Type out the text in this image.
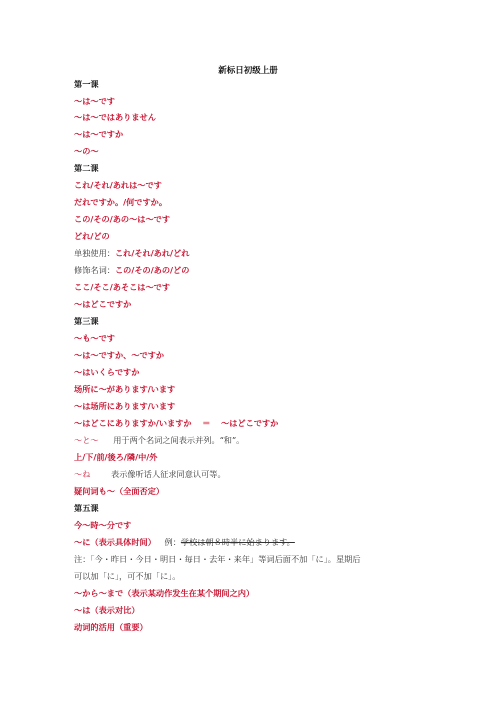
新标日初级上册
第一课
～は～です
～は～ではありません
～は～ですか
～の～
第二课
これ/それ/あれは～です
だれですか。/何ですか。
この/その/あの～は～です
どれ/どの
单独使用：これ/それ/あれ/どれ
修饰名词：この/その/あの/どの
ここ/そこ/あそこは～です
～はどこですか
第三课
～も～です
～は～ですか、～ですか
～はいくらですか
场所に～があります/います
～は场所にあります/います
～はどこにありますか/いますか ＝ ～はどこですか
～と～ 用于两个名词之间表示并列。“和”。
上/下/前/後ろ/隣/中/外
～ね	表示像听话人征求同意认可等。
疑问词も～（全面否定）
第五课
今～時～分です
～に（表示具体时间） 例：学校は朝８時半に始まります。
注：「今・昨日・今日・明日・毎日・去年・来年」等词后面不加「に」。星期后
可以加「に」，可不加「に」。
～から～まで（表示某动作发生在某个期间之内）
～は（表示对比）
动词的活用（重要）
